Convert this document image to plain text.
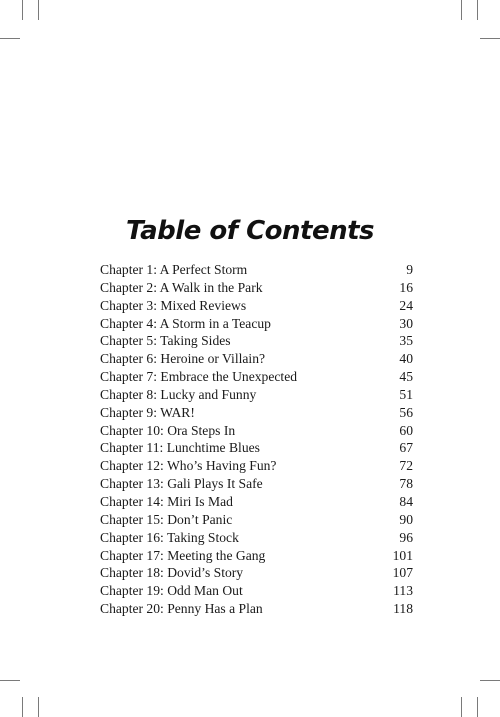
Table of Contents
Chapter 1: A Perfect Storm	9
Chapter 2: A Walk in the Park	16
Chapter 3: Mixed Reviews	24
Chapter 4: A Storm in a Teacup	30
Chapter 5: Taking Sides	35
Chapter 6: Heroine or Villain?	40
Chapter 7: Embrace the Unexpected	45
Chapter 8: Lucky and Funny	51
Chapter 9: WAR!	56
Chapter 10: Ora Steps In	60
Chapter 11: Lunchtime Blues	67
Chapter 12: Who’s Having Fun?	72
Chapter 13: Gali Plays It Safe	78
Chapter 14: Miri Is Mad	84
Chapter 15: Don’t Panic	90
Chapter 16: Taking Stock	96
Chapter 17: Meeting the Gang	101
Chapter 18: Dovid’s Story	107
Chapter 19: Odd Man Out	113
Chapter 20: Penny Has a Plan	118
